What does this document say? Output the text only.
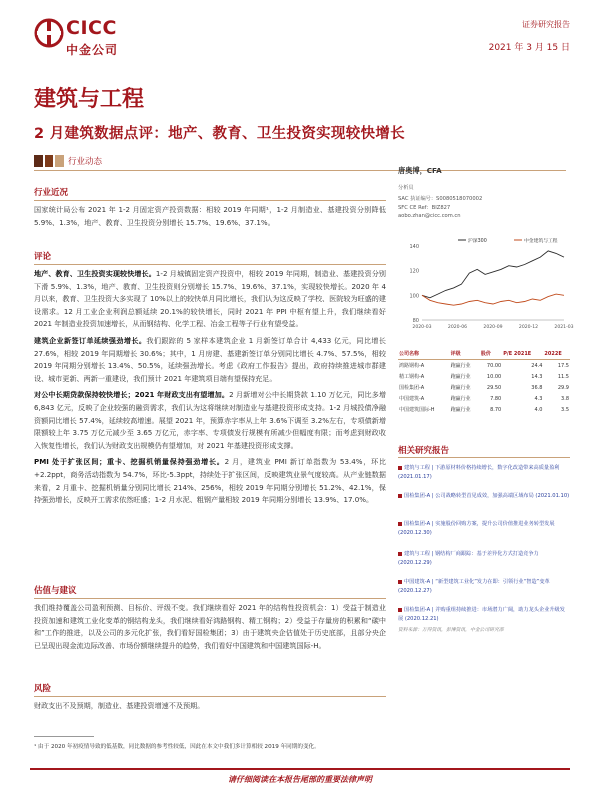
CICC
中金公司
证券研究报告
2021 年 3 月 15 日
建筑与工程
2 月建筑数据点评：地产、教育、卫生投资实现较快增长
行业动态
行业近况

国家统计局公布 2021 年 1-2 月固定资产投资数据：相较 2019 年同期¹，1-2 月制造业、基建投资分别降低 5.9%、1.3%，地产、教育、卫生投资分别增长 15.7%、19.6%、37.1%。

评论

地产、教育、卫生投资实现较快增长。1-2 月城镇固定资产投资中，相较 2019 年同期，制造业、基建投资分别下滑 5.9%、1.3%，地产、教育、卫生投资则分别增长 15.7%、19.6%、37.1%，实现较快增长。2020 年 4 月以来，教育、卫生投资大多实现了 10%以上的较快单月同比增长，我们认为这反映了学校、医院较为旺盛的建设需求。12 月工业企业利润总额延续 20.1%的较快增长，同时 2021 年 PPI 中枢有望上升，我们继续看好 2021 年制造业投资加速增长，从而钢结构、化学工程、冶金工程等子行业有望受益。

建筑企业新签订单延续强劲增长。我们跟踪的 5 家样本建筑企业 1 月新签订单合计 4,433 亿元，同比增长 27.6%，相较 2019 年同期增长 30.6%；其中，1 月房建、基建新签订单分别同比增长 4.7%、57.5%，相较 2019 年同期分别增长 13.4%、50.5%，延续强劲增长。考虑《政府工作报告》提出，政府持续推进城市群建设、城市更新、两新一重建设，我们预计 2021 年建筑项目端有望保持充足。

对公中长期贷款保持较快增长；2021 年财政支出有望增加。2 月新增对公中长期贷款 1.10 万亿元，同比多增 6,843 亿元，反映了企业较强的融资需求，我们认为这将继续对制造业与基建投资形成支持。1-2 月城投债净融资额同比增长 57.4%，延续较高增速。展望 2021 年，预算赤字率从上年 3.6%下调至 3.2%左右，专项债新增限额较上年 3.75 万亿元减少至 3.65 万亿元，赤字率、专项债发行规模有所减少但幅度有限；而考虑到财政收入恢复性增长，我们认为财政支出规模仍有望增加，对 2021 年基建投资形成支撑。

PMI 处于扩张区间；重卡、挖掘机销量保持强劲增长。2 月，建筑业 PMI 新订单指数为 53.4%，环比+2.2ppt，商务活动指数为 54.7%，环比-5.3ppt，持续处于扩张区间，反映建筑业景气度较高。从产业链数据来看，2 月重卡、挖掘机销量分别同比增长 214%、256%，相较 2019 年同期分别增长 51.2%、42.1%，保持强劲增长，反映开工需求依然旺盛；1-2 月水泥、粗钢产量相较 2019 年同期分别增长 13.9%、17.0%。

估值与建议

我们维持覆盖公司盈利预测、目标价、评级不变。我们继续看好 2021 年的结构性投资机会：1）受益于制造业投资加速和建筑工业化变革的钢结构龙头，我们继续看好鸿路钢构、精工钢构；2）受益于存量房的积累和“碳中和”工作的推进，以及公司的多元化扩张，我们看好国检集团；3）由于建筑央企估值处于历史底部，且部分央企已呈现出现金流边际改善、市场份额继续提升的趋势，我们看好中国建筑和中国建筑国际-H。

风险

财政支出不及预期，制造业、基建投资增速不及预期。

唐奥博，CFA
分析员
SAC 执证编号：S0080518070002
SFC CE Ref：BIZ827
aobo.zhan@cicc.com.cn
140
120
100
80
2020-03	2020-06	2020-09	2020-12	2021-03
沪深300	中金建筑与工程
公司名称	评级	股价	P/E 2021E	2022E
鸿路钢构-A	跑赢行业	70.00	24.4	17.5
精工钢构-A	跑赢行业	10.00	14.3	11.5
国检集团-A	跑赢行业	29.50	36.8	29.9
中国建筑-A	跑赢行业	7.80	4.3	3.8
中国建筑国际-H	跑赢行业	8.70	4.0	3.5

相关研究报告
建筑与工程 | 下游原材料价格持续增长，数字化改造带来高质量盈利 (2021.01.17)
国检集团-A | 公司战略转型首见成效，加强高端区域布局 (2021.01.10)
国检集团-A | 实施股份回购方案，提升公司价值推进业务转型发展 (2020.12.30)
建筑与工程 | 钢结构厂商跟踪：基于差异化方式打造竞争力 (2020.12.29)
中国建筑-A | “新型建筑工业化”发力在即：引领行业“智造”变革 (2020.12.27)
国检集团-A | 并购重组持续推进：市场潜力广阔，助力龙头企业升级发展 (2020.12.21)
资料来源：万得资讯，彭博资讯，中金公司研究部
¹ 由于 2020 年初疫情导致的低基数，同比数据的参考性较低，因此在本文中我们多计算相较 2019 年同期的变化。
请仔细阅读在本报告尾部的重要法律声明
